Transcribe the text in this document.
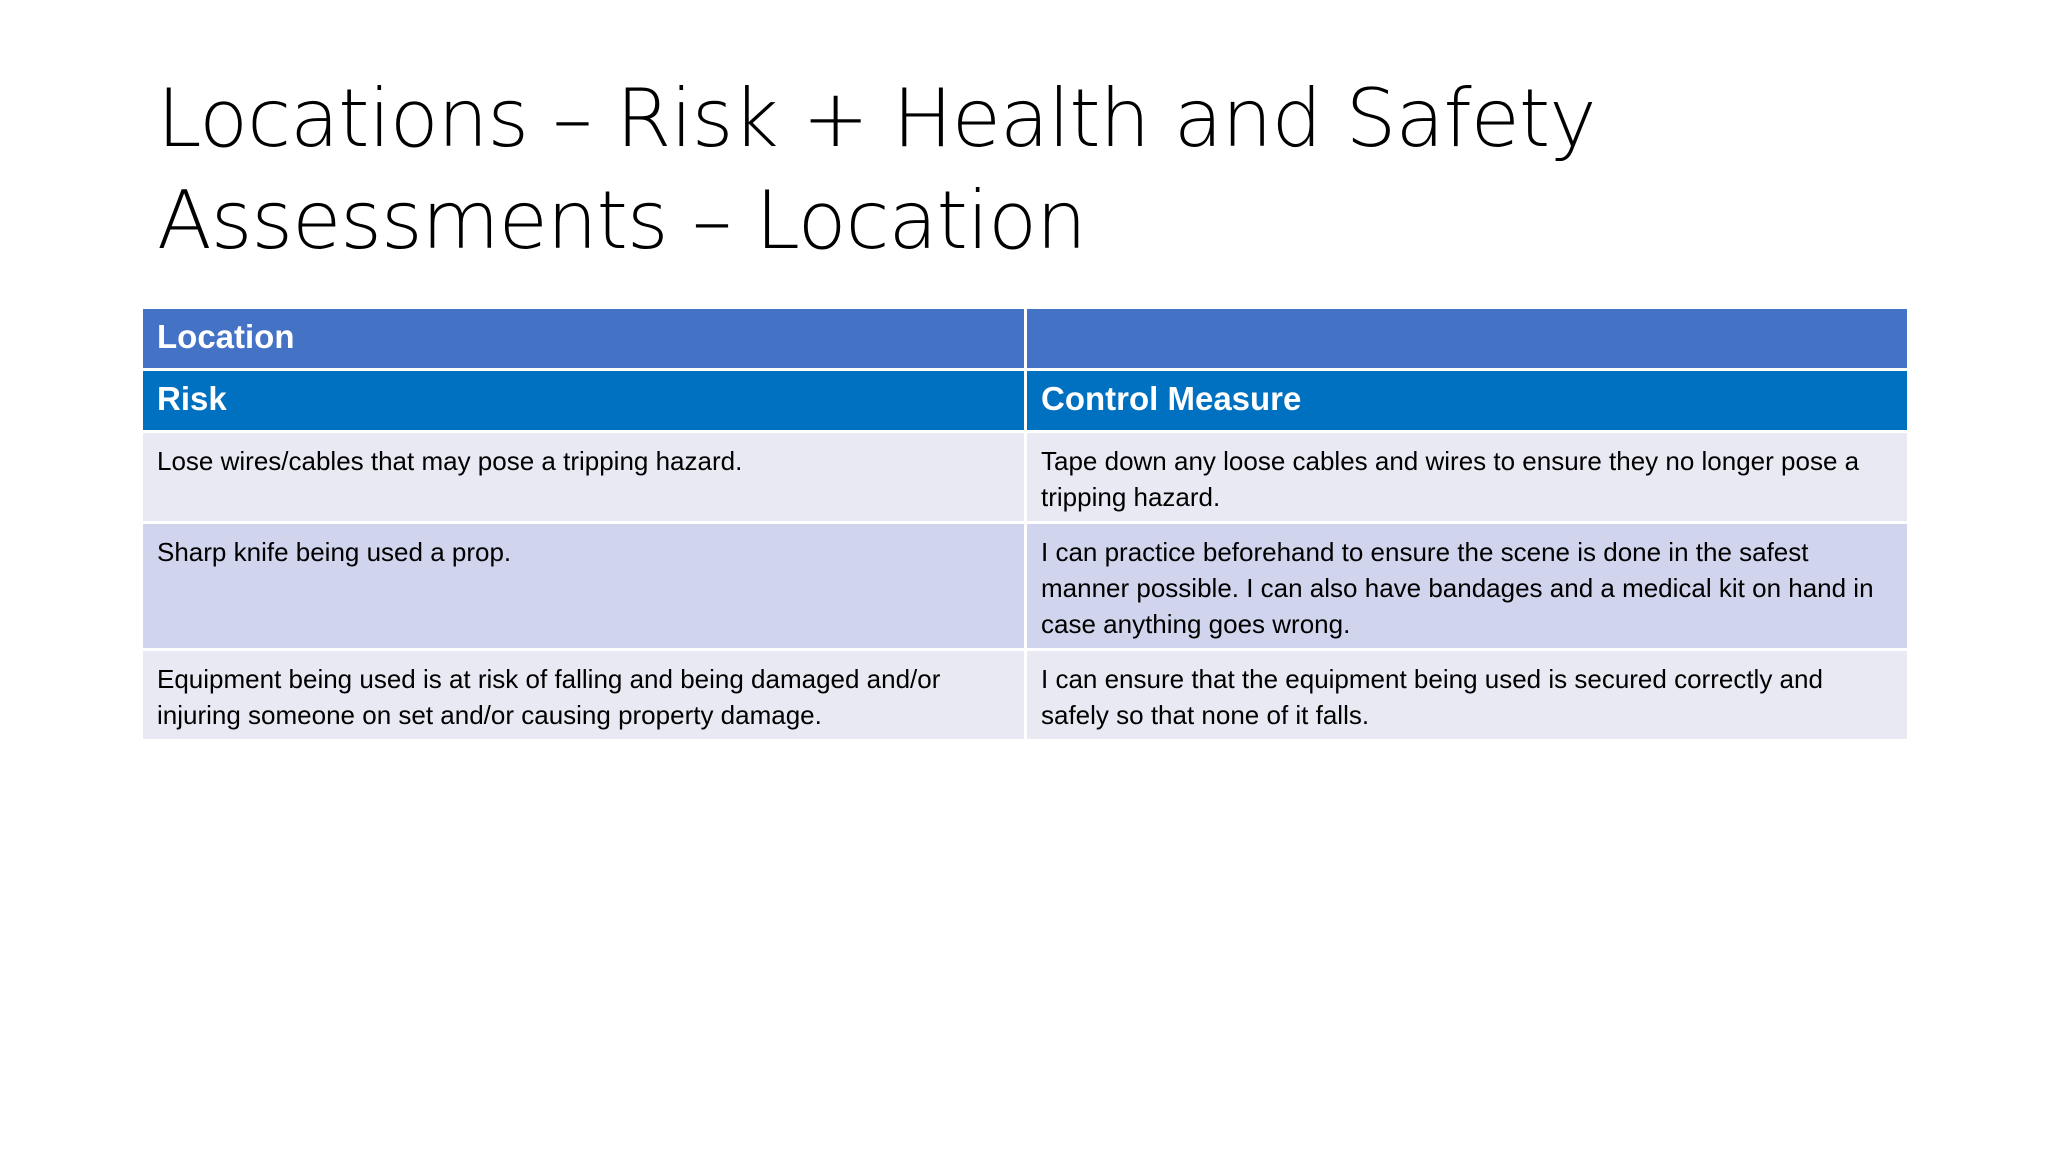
Locations – Risk + Health and Safety
Assessments – Location
Location	
Risk	Control Measure
Lose wires/cables that may pose a tripping hazard.	Tape down any loose cables and wires to ensure they no longer pose a tripping hazard.
Sharp knife being used a prop.	I can practice beforehand to ensure the scene is done in the safest manner possible. I can also have bandages and a medical kit on hand in case anything goes wrong.
Equipment being used is at risk of falling and being damaged and/or injuring someone on set and/or causing property damage.	I can ensure that the equipment being used is secured correctly and safely so that none of it falls.
